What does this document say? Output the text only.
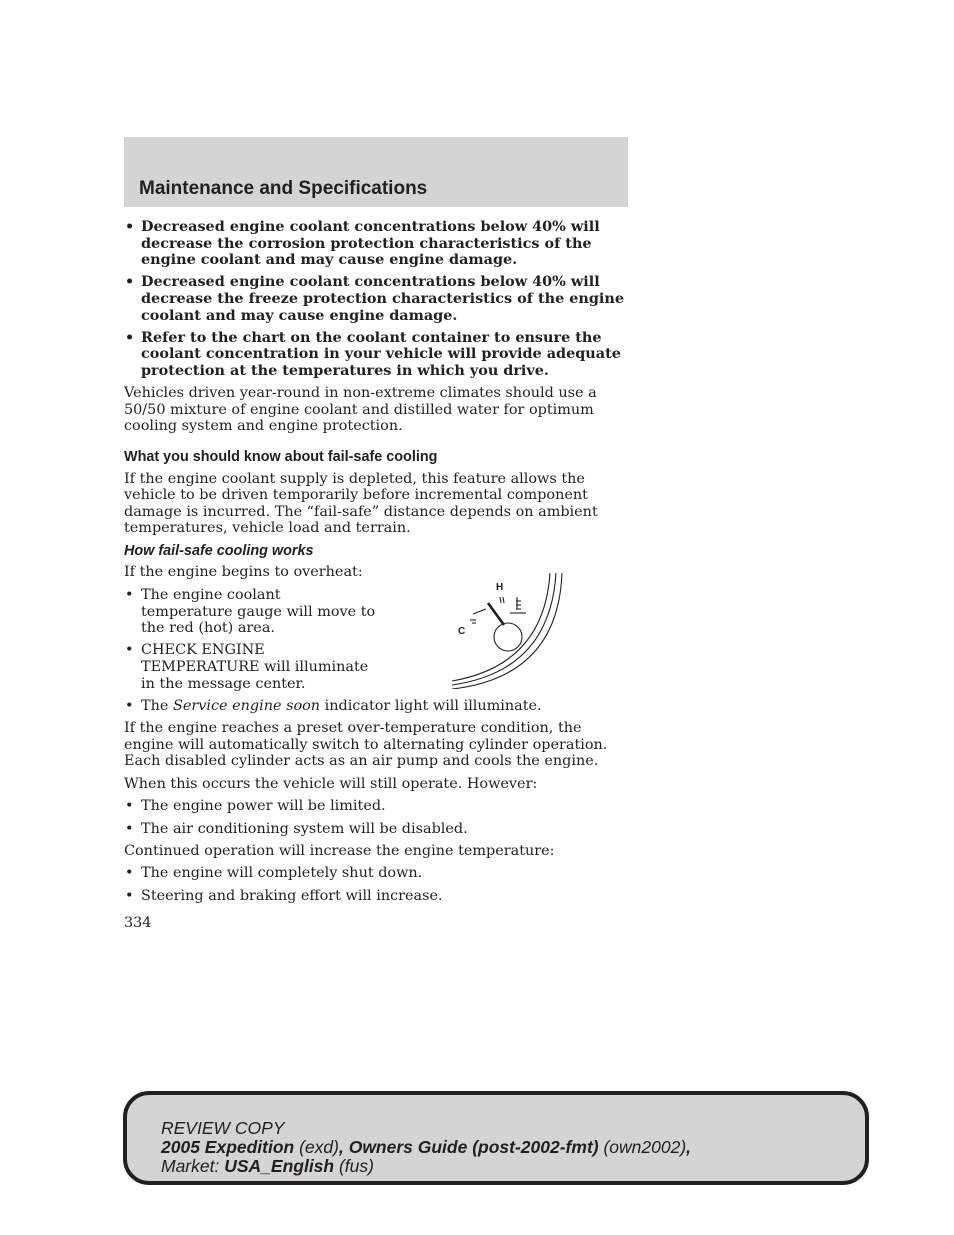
Maintenance and Specifications
• Decreased engine coolant concentrations below 40% will decrease the corrosion protection characteristics of the engine coolant and may cause engine damage.
• Decreased engine coolant concentrations below 40% will decrease the freeze protection characteristics of the engine coolant and may cause engine damage.
• Refer to the chart on the coolant container to ensure the coolant concentration in your vehicle will provide adequate protection at the temperatures in which you drive.

Vehicles driven year-round in non-extreme climates should use a 50/50 mixture of engine coolant and distilled water for optimum cooling system and engine protection.

What you should know about fail-safe cooling

If the engine coolant supply is depleted, this feature allows the vehicle to be driven temporarily before incremental component damage is incurred. The “fail-safe” distance depends on ambient temperatures, vehicle load and terrain.

How fail-safe cooling works

If the engine begins to overheat:

• The engine coolant temperature gauge will move to the red (hot) area.
• CHECK ENGINE TEMPERATURE will illuminate in the message center.
• The Service engine soon indicator light will illuminate.

If the engine reaches a preset over-temperature condition, the engine will automatically switch to alternating cylinder operation. Each disabled cylinder acts as an air pump and cools the engine.

When this occurs the vehicle will still operate. However:

• The engine power will be limited.
• The air conditioning system will be disabled.

Continued operation will increase the engine temperature:

• The engine will completely shut down.
• Steering and braking effort will increase.
334
H
C
REVIEW COPY
2005 Expedition (exd), Owners Guide (post-2002-fmt) (own2002),
Market: USA_English (fus)
